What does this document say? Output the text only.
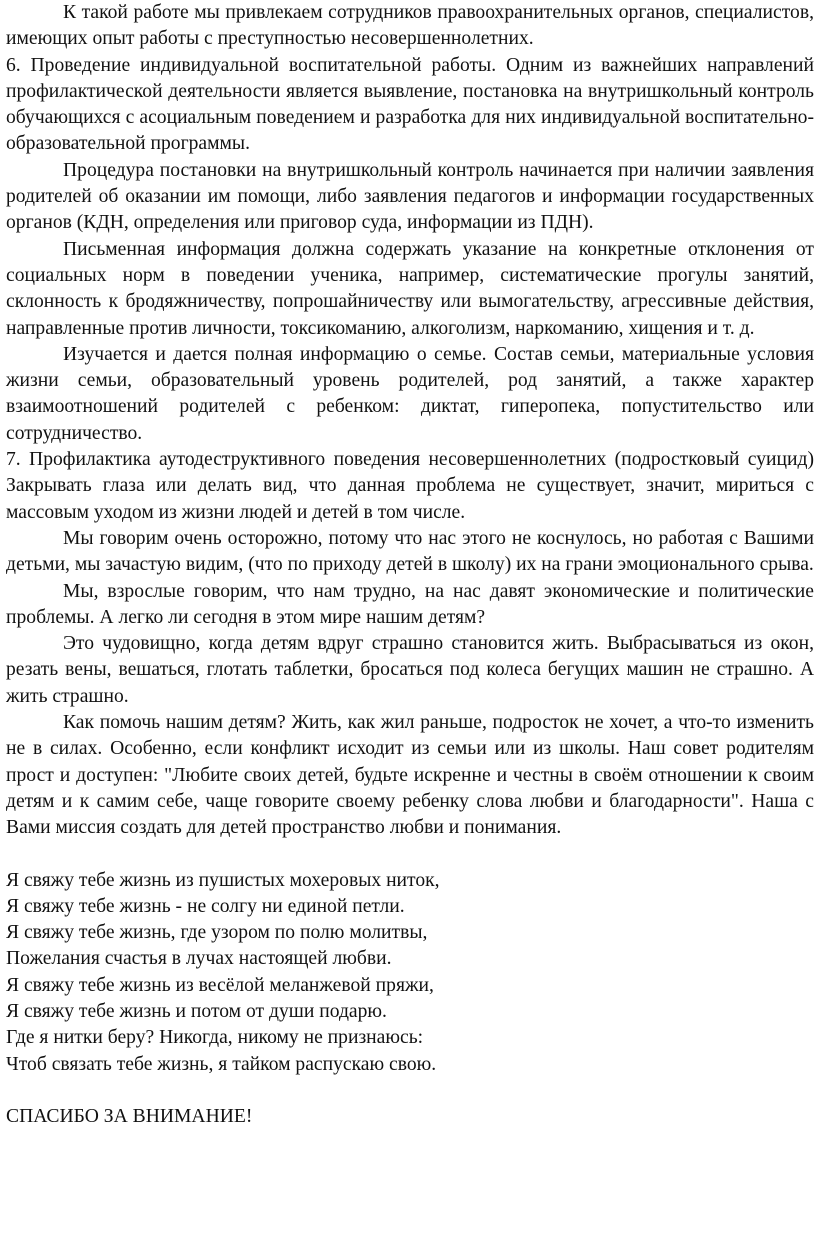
К такой работе мы привлекаем сотрудников правоохранительных органов, специалистов, имеющих опыт работы с преступностью несовершеннолетних.

6. Проведение индивидуальной воспитательной работы. Одним из важнейших направлений профилактической деятельности является выявление, постановка на внутришкольный контроль обучающихся с асоциальным поведением и разработка для них индивидуальной воспитательно-образовательной программы.

Процедура постановки на внутришкольный контроль начинается при наличии заявления родителей об оказании им помощи, либо заявления педагогов и информации государственных органов (КДН, определения или приговор суда, информации из ПДН).

Письменная информация должна содержать указание на конкретные отклонения от социальных норм в поведении ученика, например, систематические прогулы занятий, склонность к бродяжничеству, попрошайничеству или вымогательству, агрессивные действия, направленные против личности, токсикоманию, алкоголизм, наркоманию, хищения и т. д.

Изучается и дается полная информацию о семье. Состав семьи, материальные условия жизни семьи, образовательный уровень родителей, род занятий, а также характер взаимоотношений родителей с ребенком: диктат, гиперопека, попустительство или сотрудничество.

7. Профилактика аутодеструктивного поведения несовершеннолетних (подростковый суицид) Закрывать глаза или делать вид, что данная проблема не существует, значит, мириться с массовым уходом из жизни людей и детей в том числе.

Мы говорим очень осторожно, потому что нас этого не коснулось, но работая с Вашими детьми, мы зачастую видим, (что по приходу детей в школу) их на грани эмоционального срыва.

Мы, взрослые говорим, что нам трудно, на нас давят экономические и политические проблемы. А легко ли сегодня в этом мире нашим детям?

Это чудовищно, когда детям вдруг страшно становится жить. Выбрасываться из окон, резать вены, вешаться, глотать таблетки, бросаться под колеса бегущих машин не страшно. А жить страшно.

Как помочь нашим детям? Жить, как жил раньше, подросток не хочет, а что-то изменить не в силах. Особенно, если конфликт исходит из семьи или из школы. Наш совет родителям прост и доступен: "Любите своих детей, будьте искренне и честны в своём отношении к своим детям и к самим себе, чаще говорите своему ребенку слова любви и благодарности". Наша с Вами миссия создать для детей пространство любви и понимания.

Я свяжу тебе жизнь из пушистых мохеровых ниток,

Я свяжу тебе жизнь - не солгу ни единой петли.

Я свяжу тебе жизнь, где узором по полю молитвы,

Пожелания счастья в лучах настоящей любви.

Я свяжу тебе жизнь из весёлой меланжевой пряжи,

Я свяжу тебе жизнь и потом от души подарю.

Где я нитки беру? Никогда, никому не признаюсь:

Чтоб связать тебе жизнь, я тайком распускаю свою.

СПАСИБО ЗА ВНИМАНИЕ!
